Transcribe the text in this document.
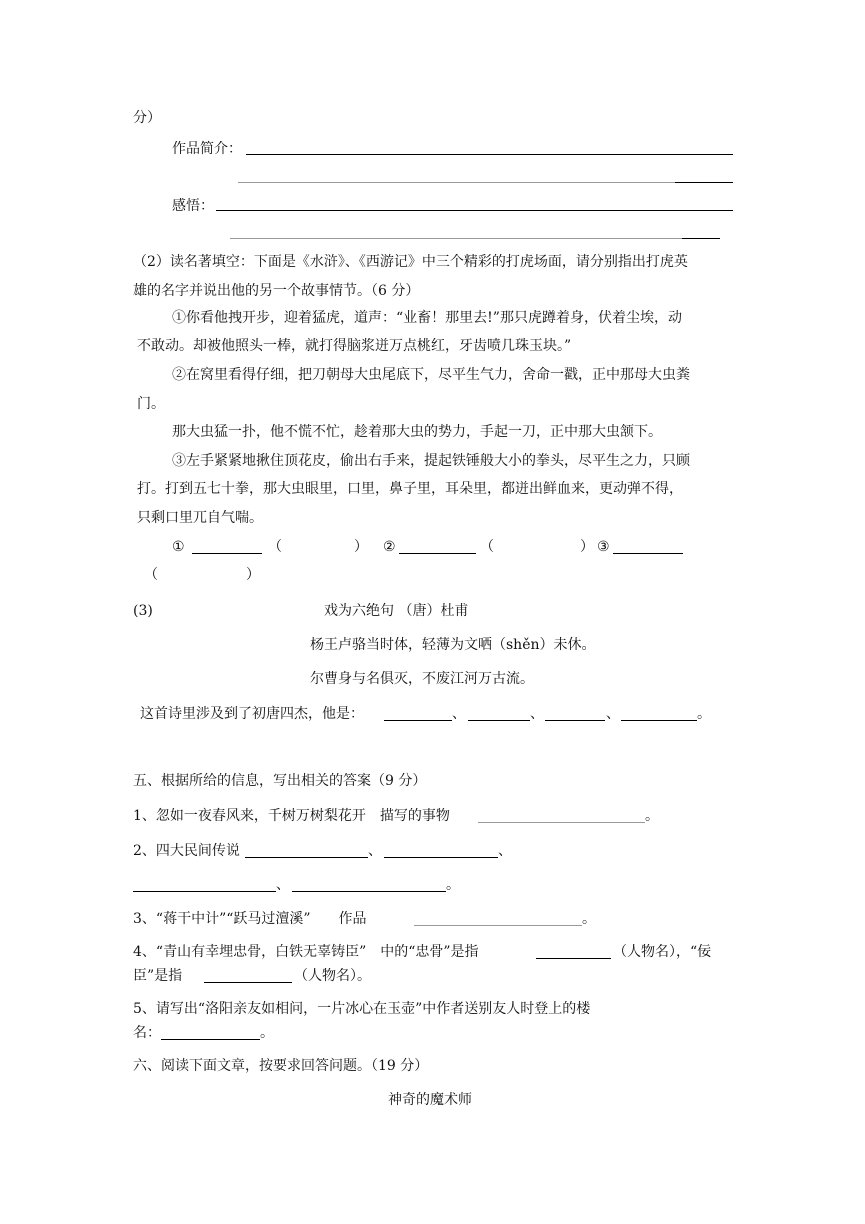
分）
作品简介：
感悟：
（2）读名著填空：下面是《水浒》、《西游记》中三个精彩的打虎场面，请分别指出打虎英
雄的名字并说出他的另一个故事情节。（6 分）
①你看他拽开步，迎着猛虎，道声：“业畜！那里去!”那只虎蹲着身，伏着尘埃，动
不敢动。却被他照头一棒，就打得脑浆迸万点桃红，牙齿喷几珠玉块。”
②在窝里看得仔细，把刀朝母大虫尾底下，尽平生气力，舍命一戳，正中那母大虫粪
门。
那大虫猛一扑，他不慌不忙，趁着那大虫的势力，手起一刀，正中那大虫颔下。
③左手紧紧地揪住顶花皮，偷出右手来，提起铁锤般大小的拳头，尽平生之力，只顾
打。打到五七十拳，那大虫眼里，口里，鼻子里，耳朵里，都迸出鲜血来，更动弹不得，
只剩口里兀自气喘。
①	（	） ②	（	） ③
（	）
(3)	戏为六绝句 （唐）杜甫
杨王卢骆当时体，轻薄为文哂（shěn）未休。
尔曹身与名俱灭，不废江河万古流。
这首诗里涉及到了初唐四杰，他是：	、	、	、	。
五、根据所给的信息，写出相关的答案（9 分）
1、忽如一夜春风来，千树万树梨花开　描写的事物	。
2、四大民间传说	、	、
、	。
3、“蒋干中计”“跃马过澶溪”　　作品	。
4、“青山有幸埋忠骨，白铁无辜铸臣”　中的“忠骨”是指	（人物名），“佞
臣”是指	（人物名）。
5、请写出“洛阳亲友如相问，一片冰心在玉壶”中作者送别友人时登上的楼
名：	。
六、阅读下面文章，按要求回答问题。（19 分）
神奇的魔术师
